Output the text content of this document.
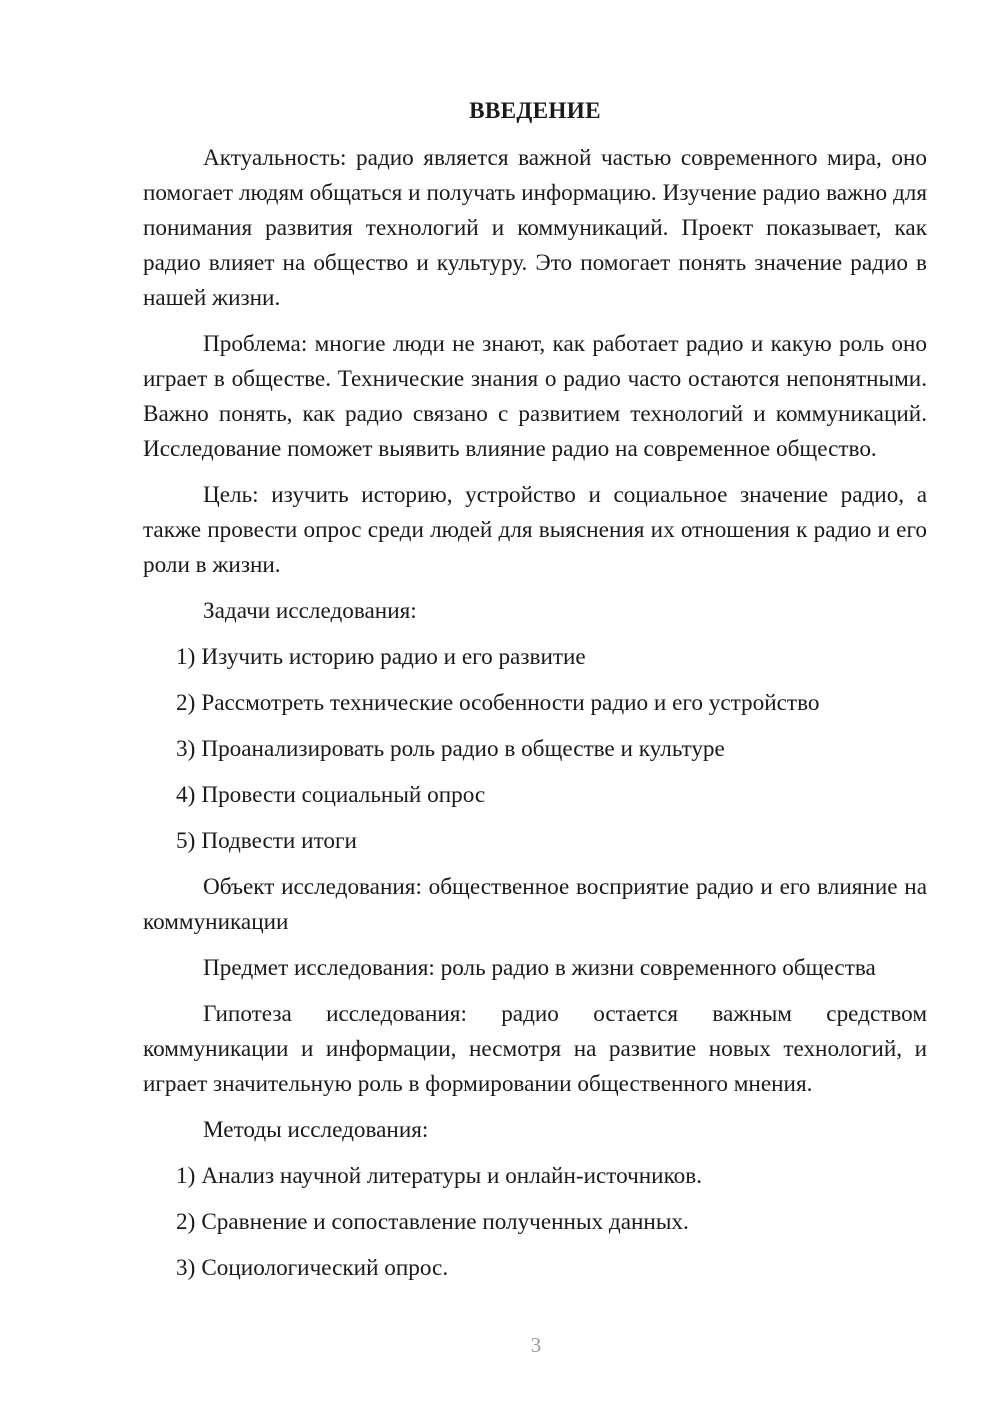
ВВЕДЕНИЕ

Актуальность: радио является важной частью современного мира, оно помогает людям общаться и получать информацию. Изучение радио важно для понимания развития технологий и коммуникаций. Проект показывает, как радио влияет на общество и культуру. Это помогает понять значение радио в нашей жизни.

Проблема: многие люди не знают, как работает радио и какую роль оно играет в обществе. Технические знания о радио часто остаются непонятными. Важно понять, как радио связано с развитием технологий и коммуникаций. Исследование поможет выявить влияние радио на современное общество.

Цель: изучить историю, устройство и социальное значение радио, а также провести опрос среди людей для выяснения их отношения к радио и его роли в жизни.

Задачи исследования:

1) Изучить историю радио и его развитие

2) Рассмотреть технические особенности радио и его устройство

3) Проанализировать роль радио в обществе и культуре

4) Провести социальный опрос

5) Подвести итоги

Объект исследования: общественное восприятие радио и его влияние на коммуникации

Предмет исследования: роль радио в жизни современного общества

Гипотеза исследования: радио остается важным средством коммуникации и информации, несмотря на развитие новых технологий, и играет значительную роль в формировании общественного мнения.

Методы исследования:

1) Анализ научной литературы и онлайн-источников.

2) Сравнение и сопоставление полученных данных.

3) Социологический опрос.

3
